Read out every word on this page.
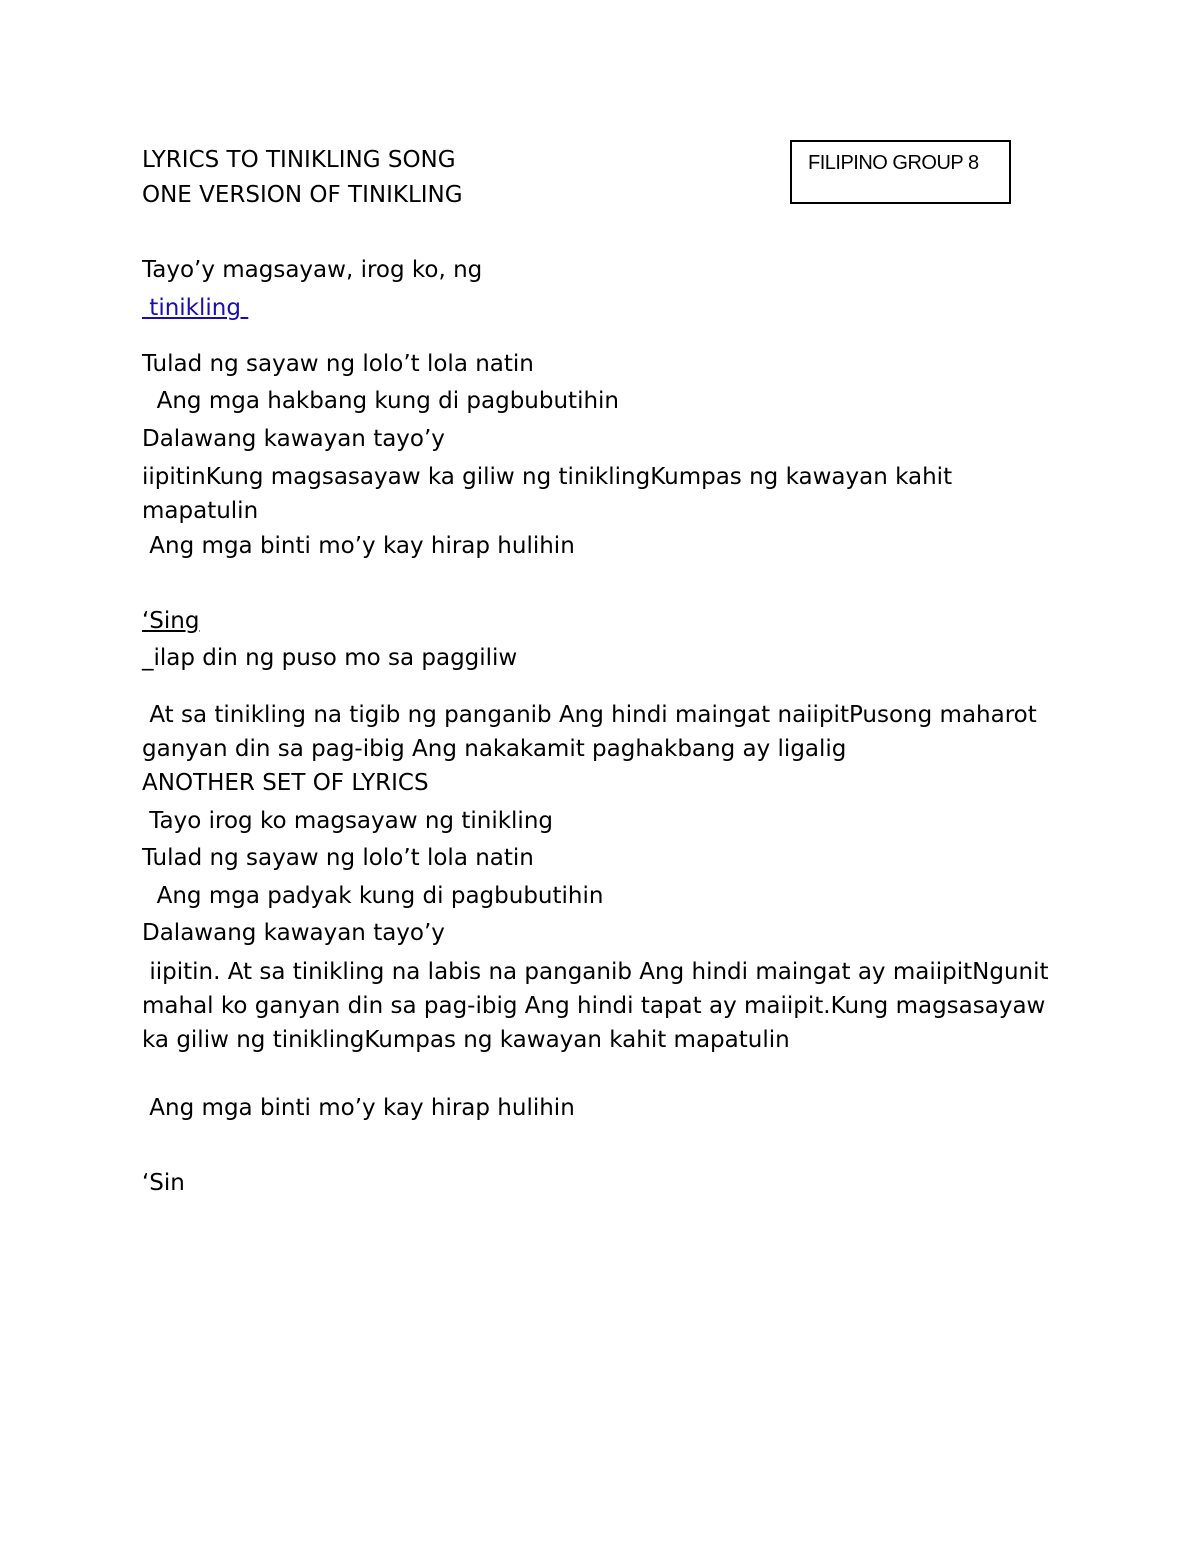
LYRICS TO TINIKLING SONG
ONE VERSION OF TINIKLING
FILIPINO GROUP 8
Tayo’y magsayaw, irog ko, ng
tinikling
Tulad ng sayaw ng lolo’t lola natin
Ang mga hakbang kung di pagbubutihin
Dalawang kawayan tayo’y
iipitinKung magsasayaw ka giliw ng tiniklingKumpas ng kawayan kahit mapatulin
Ang mga binti mo’y kay hirap hulihin
‘Sing
_ilap din ng puso mo sa paggiliw
At sa tinikling na tigib ng panganib Ang hindi maingat naiipitPusong maharot ganyan din sa pag-ibig Ang nakakamit paghakbang ay ligalig
ANOTHER SET OF LYRICS
Tayo irog ko magsayaw ng tinikling
Tulad ng sayaw ng lolo’t lola natin
Ang mga padyak kung di pagbubutihin
Dalawang kawayan tayo’y
iipitin. At sa tinikling na labis na panganib Ang hindi maingat ay maiipitNgunit mahal ko ganyan din sa pag-ibig Ang hindi tapat ay maiipit.Kung magsasayaw ka giliw ng tiniklingKumpas ng kawayan kahit mapatulin
Ang mga binti mo’y kay hirap hulihin
‘Sin
